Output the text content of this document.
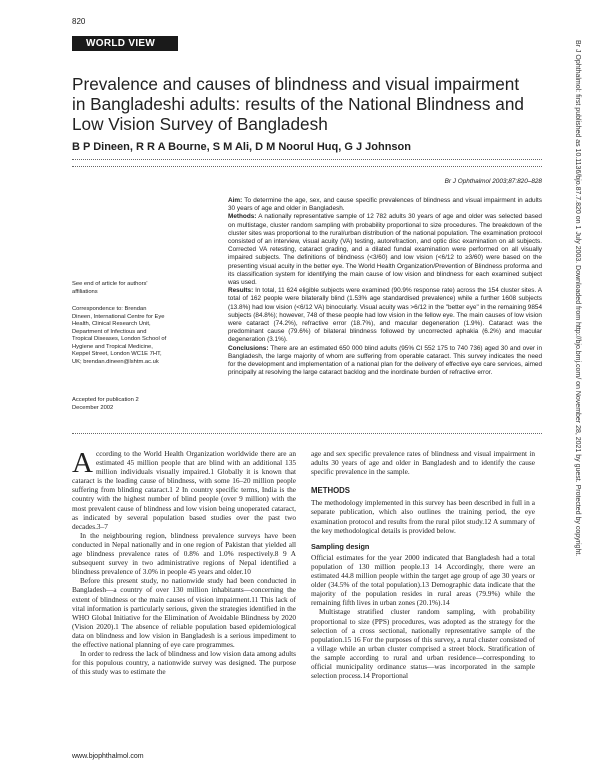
820
WORLD VIEW
Prevalence and causes of blindness and visual impairment in Bangladeshi adults: results of the National Blindness and Low Vision Survey of Bangladesh
B P Dineen, R R A Bourne, S M Ali, D M Noorul Huq, G J Johnson
Br J Ophthalmol 2003;87:820–828
See end of article for authors' affiliations
Correspondence to: Brendan Dineen, International Centre for Eye Health, Clinical Research Unit, Department of Infectious and Tropical Diseases, London School of Hygiene and Tropical Medicine, Keppel Street, London WC1E 7HT, UK; brendan.dineen@lshtm.ac.uk
Accepted for publication 2 December 2002

Aim: To determine the age, sex, and cause specific prevalences of blindness and visual impairment in adults 30 years of age and older in Bangladesh.

Methods: A nationally representative sample of 12 782 adults 30 years of age and older was selected based on multistage, cluster random sampling with probability proportional to size procedures. The breakdown of the cluster sites was proportional to the rural/urban distribution of the national population. The examination protocol consisted of an interview, visual acuity (VA) testing, autorefraction, and optic disc examination on all subjects. Corrected VA retesting, cataract grading, and a dilated fundal examination were performed on all visually impaired subjects. The definitions of blindness (<3/60) and low vision (<6/12 to ≥3/60) were based on the presenting visual acuity in the better eye. The World Health Organization/Prevention of Blindness proforma and its classification system for identifying the main cause of low vision and blindness for each examined subject was used.

Results: In total, 11 624 eligible subjects were examined (90.9% response rate) across the 154 cluster sites. A total of 162 people were bilaterally blind (1.53% age standardised prevalence) while a further 1608 subjects (13.8%) had low vision (<6/12 VA) binocularly. Visual acuity was >6/12 in the "better eye" in the remaining 9854 subjects (84.8%); however, 748 of these people had low vision in the fellow eye. The main causes of low vision were cataract (74.2%), refractive error (18.7%), and macular degeneration (1.9%). Cataract was the predominant cause (79.6%) of bilateral blindness followed by uncorrected aphakia (6.2%) and macular degeneration (3.1%).

Conclusions: There are an estimated 650 000 blind adults (95% CI 552 175 to 740 736) aged 30 and over in Bangladesh, the large majority of whom are suffering from operable cataract. This survey indicates the need for the development and implementation of a national plan for the delivery of effective eye care services, aimed principally at resolving the large cataract backlog and the inordinate burden of refractive error.

According to the World Health Organization worldwide there are an estimated 45 million people that are blind with an additional 135 million individuals visually impaired.1 Globally it is known that cataract is the leading cause of blindness, with some 16–20 million people suffering from blinding cataract.1 2 In country specific terms, India is the country with the highest number of blind people (over 9 million) with the most prevalent cause of blindness and low vision being unoperated cataract, as indicated by several population based studies over the past two decades.3–7

In the neighbouring region, blindness prevalence surveys have been conducted in Nepal nationally and in one region of Pakistan that yielded all age blindness prevalence rates of 0.8% and 1.0% respectively.8 9 A subsequent survey in two administrative regions of Nepal identified a blindness prevalence of 3.0% in people 45 years and older.10

Before this present study, no nationwide study had been conducted in Bangladesh—a country of over 130 million inhabitants—concerning the extent of blindness or the main causes of vision impairment.11 This lack of vital information is particularly serious, given the strategies identified in the WHO Global Initiative for the Elimination of Avoidable Blindness by 2020 (Vision 2020).1 The absence of reliable population based epidemiological data on blindness and low vision in Bangladesh is a serious impediment to the effective national planning of eye care programmes.

In order to redress the lack of blindness and low vision data among adults for this populous country, a nationwide survey was designed. The purpose of this study was to estimate the

age and sex specific prevalence rates of blindness and visual impairment in adults 30 years of age and older in Bangladesh and to identify the cause specific prevalence in the sample.

METHODS

The methodology implemented in this survey has been described in full in a separate publication, which also outlines the training period, the eye examination protocol and results from the rural pilot study.12 A summary of the key methodological details is provided below.

Sampling design

Official estimates for the year 2000 indicated that Bangladesh had a total population of 130 million people.13 14 Accordingly, there were an estimated 44.8 million people within the target age group of age 30 years or older (34.5% of the total population).13 Demographic data indicate that the majority of the population resides in rural areas (79.9%) while the remaining fifth lives in urban zones (20.1%).14

Multistage stratified cluster random sampling, with probability proportional to size (PPS) procedures, was adopted as the strategy for the selection of a cross sectional, nationally representative sample of the population.15 16 For the purposes of this survey, a rural cluster consisted of a village while an urban cluster comprised a street block. Stratification of the sample according to rural and urban residence—corresponding to official municipality ordinance status—was incorporated in the sample selection process.14 Proportional

www.bjophthalmol.com
Br J Ophthalmol: first published as 10.1136/bjo.87.7.820 on 1 July 2003. Downloaded from http://bjo.bmj.com/ on November 28, 2021 by guest. Protected by copyright.
